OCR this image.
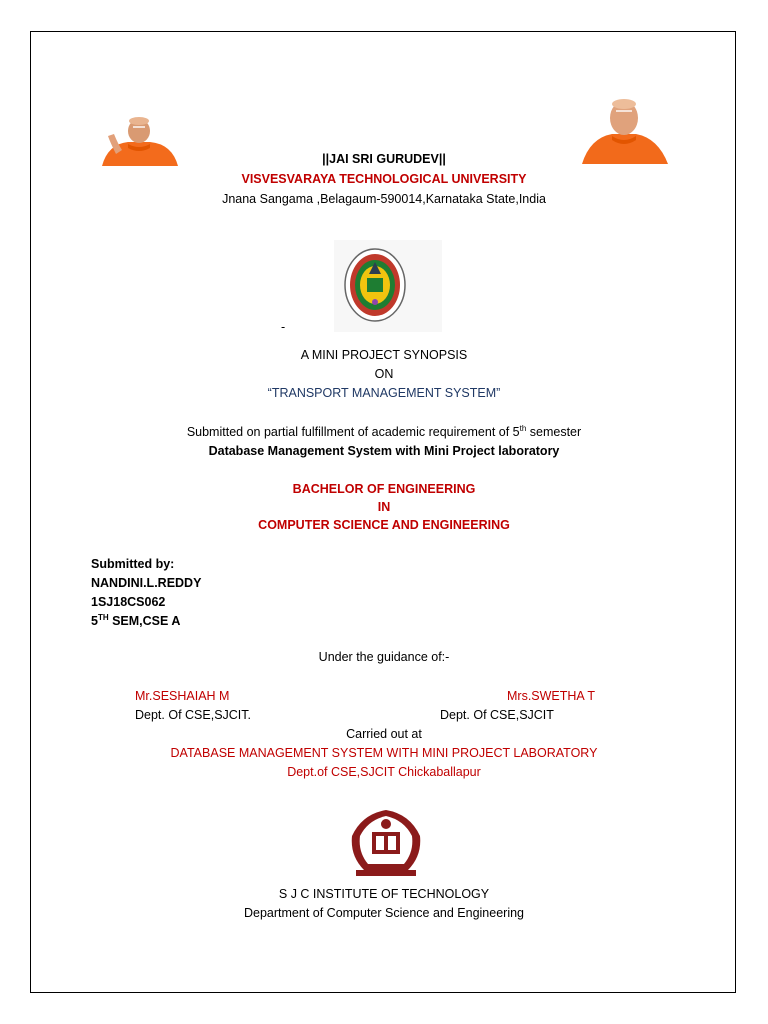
||JAI SRI GURUDEV||
VISVESVARAYA TECHNOLOGICAL UNIVERSITY
Jnana Sangama ,Belagaum-590014,Karnataka State,India
-
A MINI PROJECT SYNOPSIS
ON
“TRANSPORT MANAGEMENT SYSTEM”
Submitted on partial fulfillment of academic requirement of 5th semester
Database Management System with Mini Project laboratory
BACHELOR OF ENGINEERING
IN
COMPUTER SCIENCE AND ENGINEERING
Submitted by:
NANDINI.L.REDDY
1SJ18CS062
5TH SEM,CSE A
Under the guidance of:-
Mr.SESHAIAH M
Dept. Of CSE,SJCIT.
Mrs.SWETHA T
Dept. Of CSE,SJCIT
Carried out at
DATABASE MANAGEMENT SYSTEM WITH MINI PROJECT LABORATORY
Dept.of CSE,SJCIT Chickaballapur
S J C INSTITUTE OF TECHNOLOGY
Department of Computer Science and Engineering
